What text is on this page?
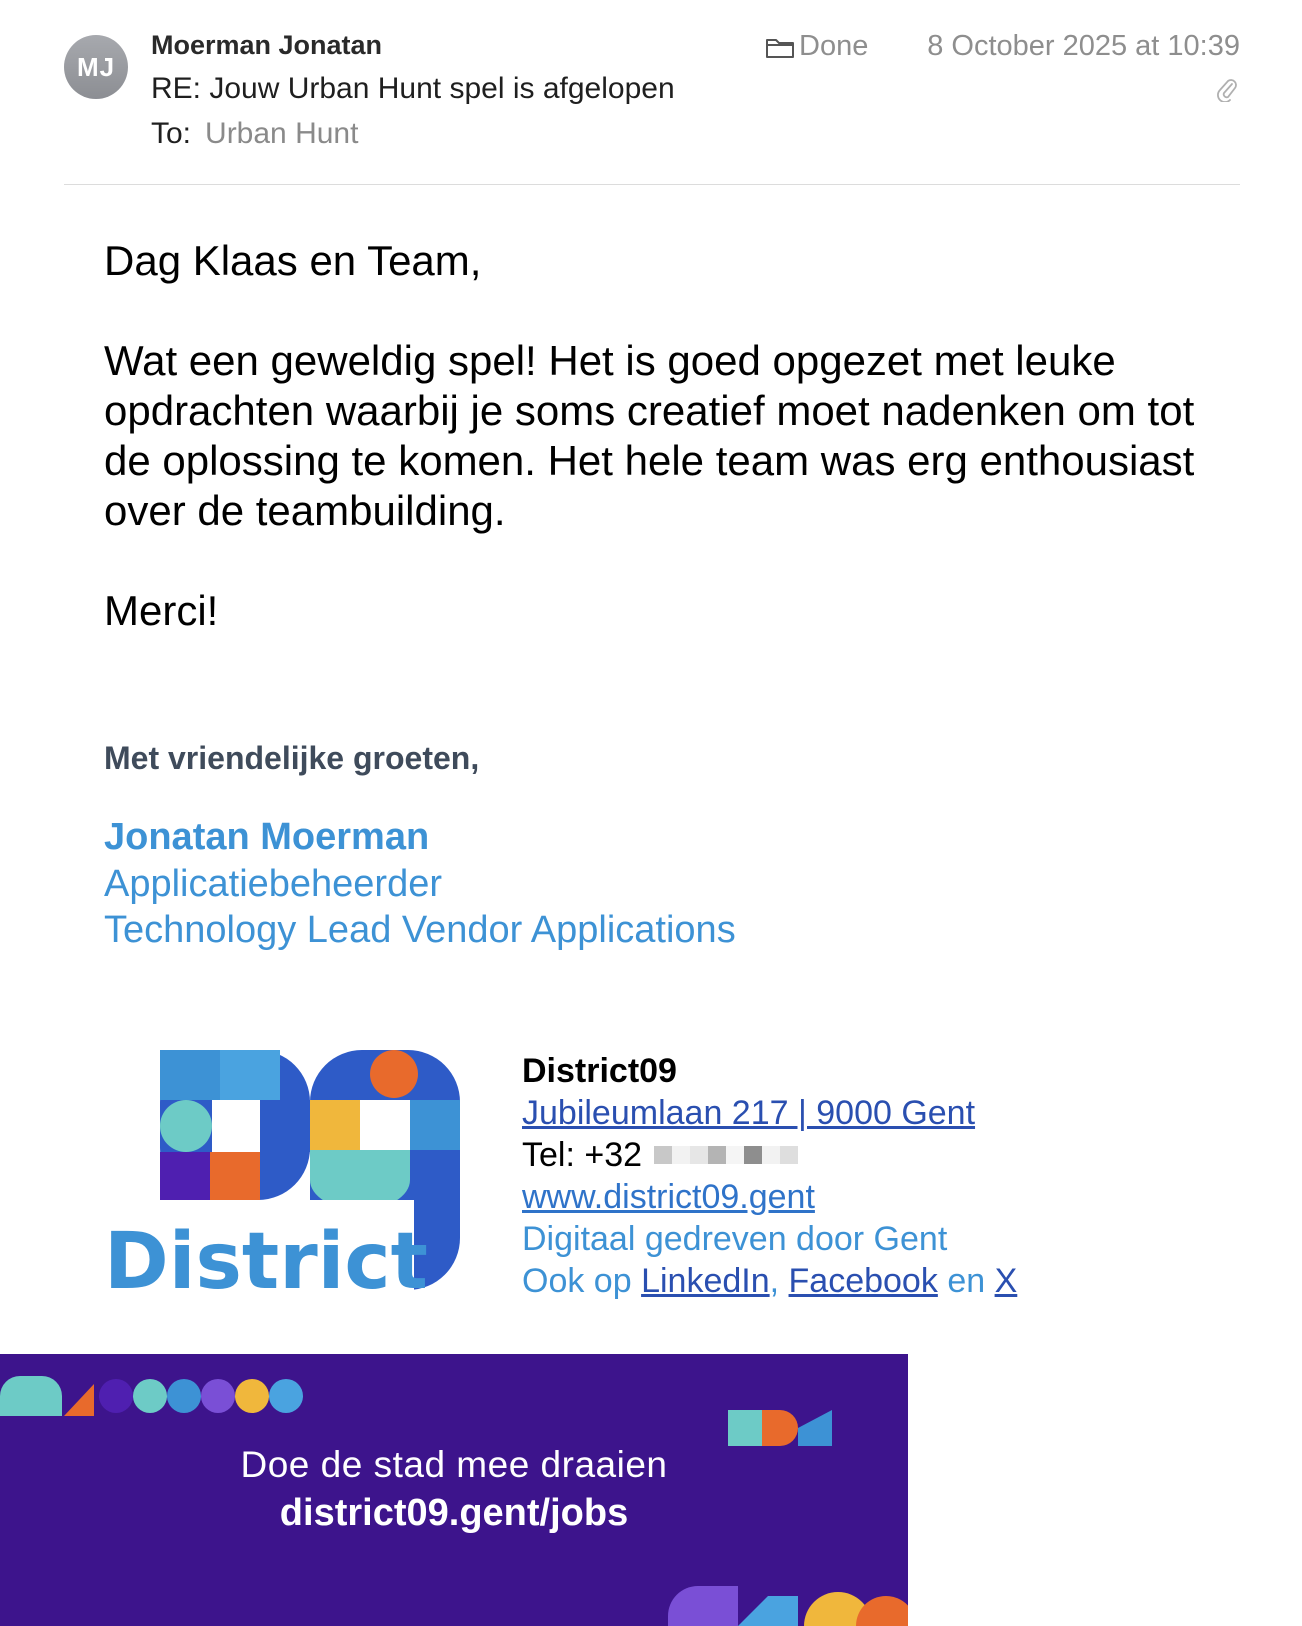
MJ
Moerman Jonatan
RE: Jouw Urban Hunt spel is afgelopen
To: Urban Hunt
Done 8 October 2025 at 10:39

Dag Klaas en Team,

Wat een geweldig spel! Het is goed opgezet met leuke opdrachten waarbij je soms creatief moet nadenken om tot de oplossing te komen. Het hele team was erg enthousiast over de teambuilding.

Merci!

Met vriendelijke groeten,
Jonatan Moerman
Applicatiebeheerder
Technology Lead Vendor Applications
District
District09
Jubileumlaan 217 | 9000 Gent
Tel: +32
www.district09.gent
Digitaal gedreven door Gent
Ook op LinkedIn, Facebook en X
Doe de stad mee draaien
district09.gent/jobs
